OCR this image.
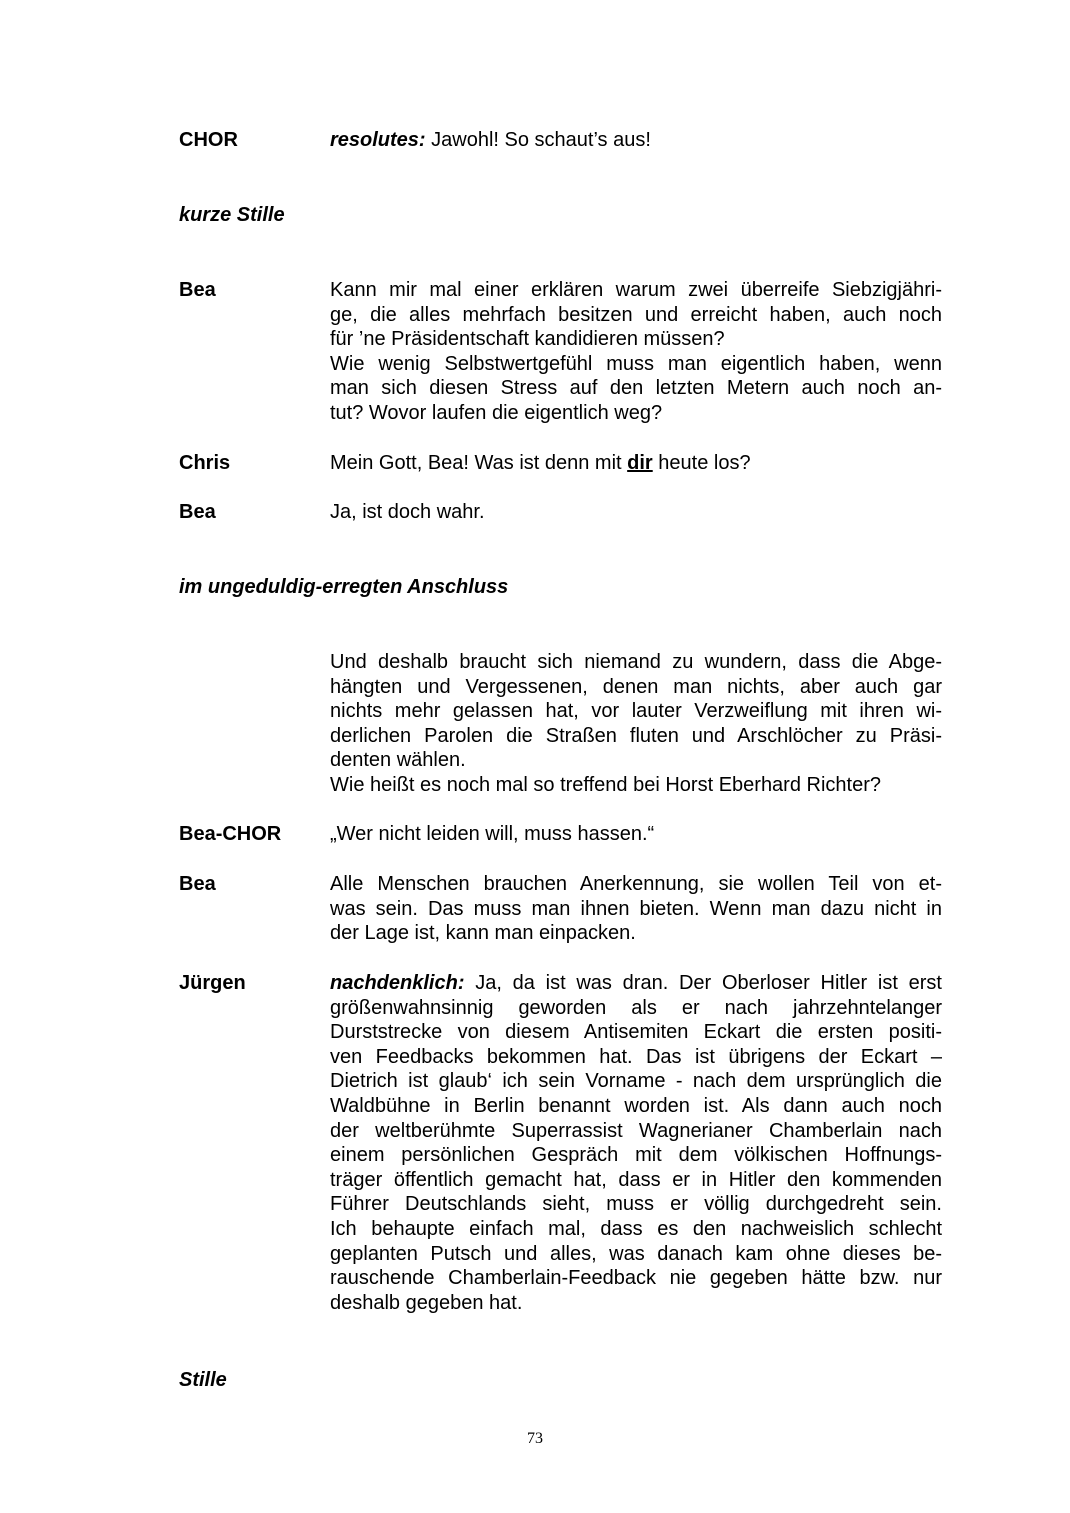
CHOR	resolutes: Jawohl! So schaut’s aus!
kurze Stille
Bea	Kann mir mal einer erklären warum zwei überreife Siebzigjähri-
ge, die alles mehrfach besitzen und erreicht haben, auch noch
für ’ne Präsidentschaft kandidieren müssen?
Wie wenig Selbstwertgefühl muss man eigentlich haben, wenn
man sich diesen Stress auf den letzten Metern auch noch an-
tut? Wovor laufen die eigentlich weg?
Chris	Mein Gott, Bea! Was ist denn mit dir heute los?
Bea	Ja, ist doch wahr.
im ungeduldig-erregten Anschluss
Und deshalb braucht sich niemand zu wundern, dass die Abge-
hängten und Vergessenen, denen man nichts, aber auch gar
nichts mehr gelassen hat, vor lauter Verzweiflung mit ihren wi-
derlichen Parolen die Straßen fluten und Arschlöcher zu Präsi-
denten wählen.
Wie heißt es noch mal so treffend bei Horst Eberhard Richter?
Bea-CHOR „Wer nicht leiden will, muss hassen.“
Bea	Alle Menschen brauchen Anerkennung, sie wollen Teil von et-
was sein. Das muss man ihnen bieten. Wenn man dazu nicht in
der Lage ist, kann man einpacken.
Jürgen	nachdenklich: Ja, da ist was dran. Der Oberloser Hitler ist erst
größenwahnsinnig geworden als er nach jahrzehntelanger
Durststrecke von diesem Antisemiten Eckart die ersten positi-
ven Feedbacks bekommen hat. Das ist übrigens der Eckart –
Dietrich ist glaub‘ ich sein Vorname - nach dem ursprünglich die
Waldbühne in Berlin benannt worden ist. Als dann auch noch
der weltberühmte Superrassist Wagnerianer Chamberlain nach
einem persönlichen Gespräch mit dem völkischen Hoffnungs-
träger öffentlich gemacht hat, dass er in Hitler den kommenden
Führer Deutschlands sieht, muss er völlig durchgedreht sein.
Ich behaupte einfach mal, dass es den nachweislich schlecht
geplanten Putsch und alles, was danach kam ohne dieses be-
rauschende Chamberlain-Feedback nie gegeben hätte bzw. nur
deshalb gegeben hat.
Stille
73
